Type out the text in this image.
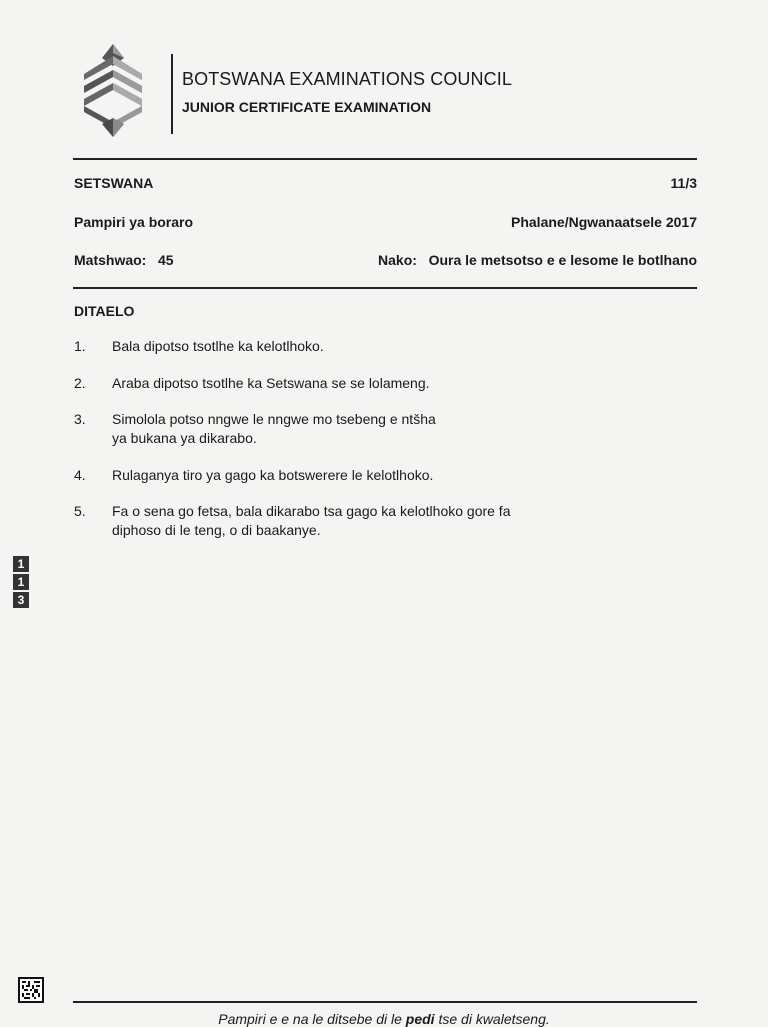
BOTSWANA EXAMINATIONS COUNCIL
JUNIOR CERTIFICATE EXAMINATION
SETSWANA	11/3
Pampiri ya boraro	Phalane/Ngwanaatsele 2017
Matshwao:   45	Nako: Oura le metsotso e e lesome le botlhano
DITAELO
1. Bala dipotso tsotlhe ka kelotlhoko.
2. Araba dipotso tsotlhe ka Setswana se se lolameng.
3. Simolola potso nngwe le nngwe mo tsebeng e ntšha
ya bukana ya dikarabo.
4. Rulaganya tiro ya gago ka botswerere le kelotlhoko.
5. Fa o sena go fetsa, bala dikarabo tsa gago ka kelotlhoko gore fa
diphoso di le teng, o di baakanye.
1
1
3
Pampiri e e na le ditsebe di le pedi tse di kwaletseng.
